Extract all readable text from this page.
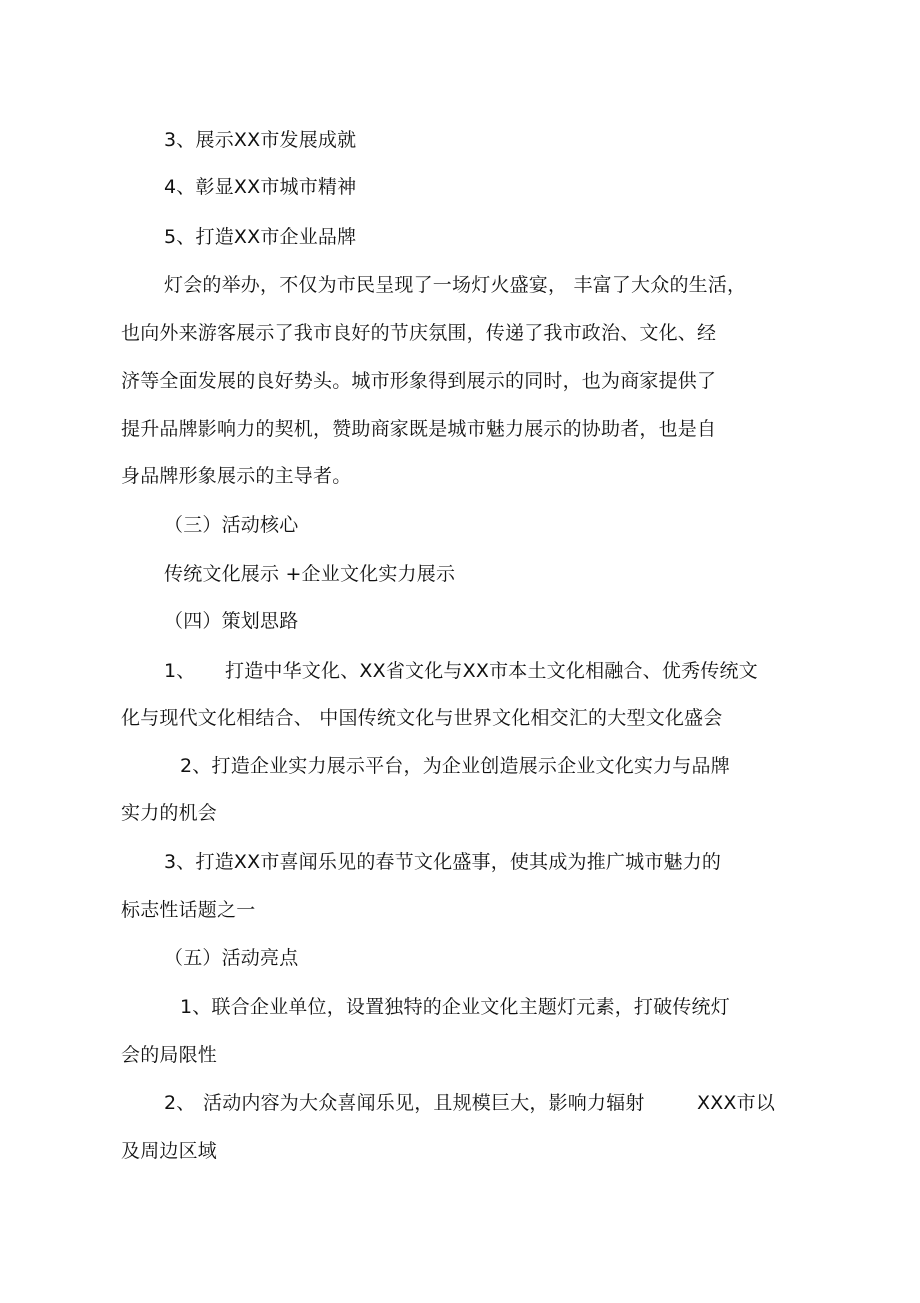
3、展示XX市发展成就
4、彰显XX市城市精神
5、打造XX市企业品牌
灯会的举办，不仅为市民呈现了一场灯火盛宴， 丰富了大众的生活，
也向外来游客展示了我市良好的节庆氛围，传递了我市政治、文化、经
济等全面发展的良好势头。城市形象得到展示的同时，也为商家提供了
提升品牌影响力的契机，赞助商家既是城市魅力展示的协助者，也是自
身品牌形象展示的主导者。
（三）活动核心
传统文化展示 +企业文化实力展示
（四）策划思路
1、 打造中华文化、XX省文化与XX市本土文化相融合、优秀传统文
化与现代文化相结合、 中国传统文化与世界文化相交汇的大型文化盛会
2、打造企业实力展示平台，为企业创造展示企业文化实力与品牌
实力的机会
3、打造XX市喜闻乐见的春节文化盛事，使其成为推广城市魅力的
标志性话题之一
（五）活动亮点
1、联合企业单位，设置独特的企业文化主题灯元素，打破传统灯
会的局限性
2、 活动内容为大众喜闻乐见，且规模巨大，影响力辐射	XXX市以
及周边区域
